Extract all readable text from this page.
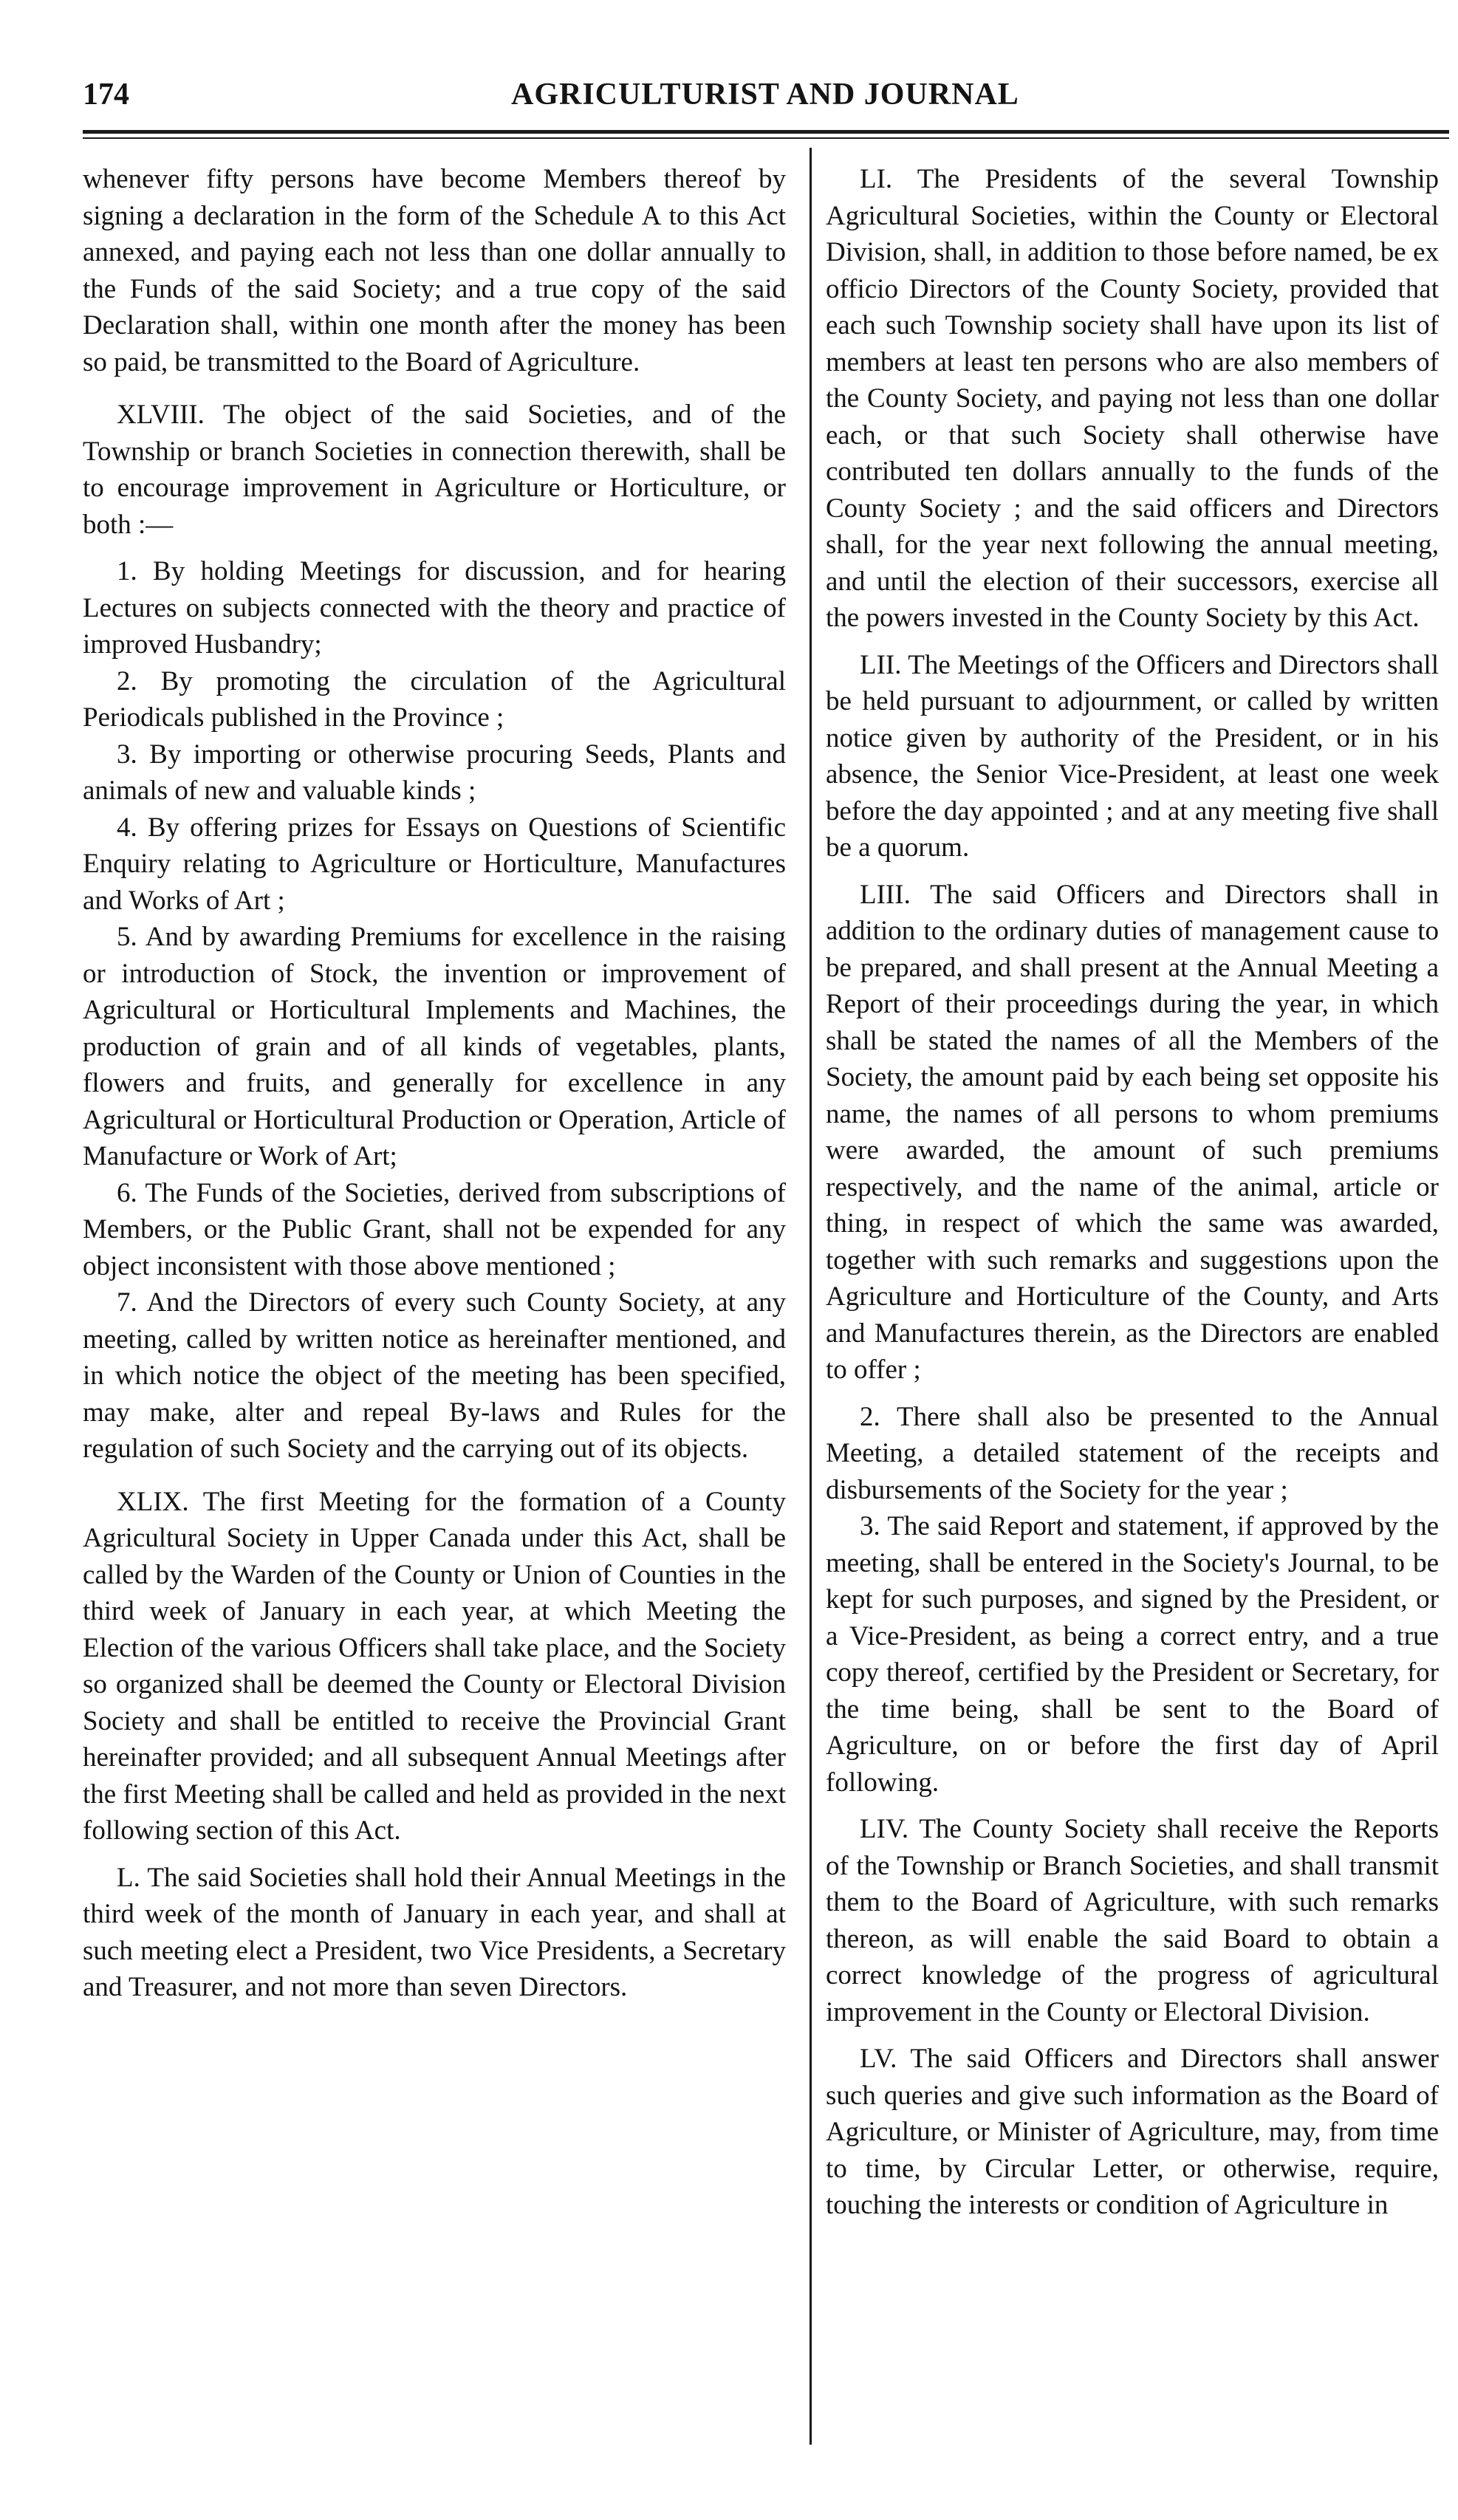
174	AGRICULTURIST AND JOURNAL

whenever fifty persons have become Members thereof by signing a declaration in the form of the Schedule A to this Act annexed, and paying each not less than one dollar annually to the Funds of the said Society; and a true copy of the said Declaration shall, within one month after the money has been so paid, be transmitted to the Board of Agriculture.

XLVIII. The object of the said Societies, and of the Township or branch Societies in connection therewith, shall be to encourage improvement in Agriculture or Horticulture, or both :—

1. By holding Meetings for discussion, and for hearing Lectures on subjects connected with the theory and practice of improved Husbandry;

2. By promoting the circulation of the Agricultural Periodicals published in the Province ;

3. By importing or otherwise procuring Seeds, Plants and animals of new and valuable kinds ;

4. By offering prizes for Essays on Questions of Scientific Enquiry relating to Agriculture or Horticulture, Manufactures and Works of Art ;

5. And by awarding Premiums for excellence in the raising or introduction of Stock, the invention or improvement of Agricultural or Horticultural Implements and Machines, the production of grain and of all kinds of vegetables, plants, flowers and fruits, and generally for excellence in any Agricultural or Horticultural Production or Operation, Article of Manufacture or Work of Art;

6. The Funds of the Societies, derived from subscriptions of Members, or the Public Grant, shall not be expended for any object inconsistent with those above mentioned ;

7. And the Directors of every such County Society, at any meeting, called by written notice as hereinafter mentioned, and in which notice the object of the meeting has been specified, may make, alter and repeal By-laws and Rules for the regulation of such Society and the carrying out of its objects.

XLIX. The first Meeting for the formation of a County Agricultural Society in Upper Canada under this Act, shall be called by the Warden of the County or Union of Counties in the third week of January in each year, at which Meeting the Election of the various Officers shall take place, and the Society so organized shall be deemed the County or Electoral Division Society and shall be entitled to receive the Provincial Grant hereinafter provided; and all subsequent Annual Meetings after the first Meeting shall be called and held as provided in the next following section of this Act.

L. The said Societies shall hold their Annual Meetings in the third week of the month of January in each year, and shall at such meeting elect a President, two Vice Presidents, a Secretary and Treasurer, and not more than seven Directors.

LI. The Presidents of the several Township Agricultural Societies, within the County or Electoral Division, shall, in addition to those before named, be ex officio Directors of the County Society, provided that each such Township society shall have upon its list of members at least ten persons who are also members of the County Society, and paying not less than one dollar each, or that such Society shall otherwise have contributed ten dollars annually to the funds of the County Society ; and the said officers and Directors shall, for the year next following the annual meeting, and until the election of their successors, exercise all the powers invested in the County Society by this Act.

LII. The Meetings of the Officers and Directors shall be held pursuant to adjournment, or called by written notice given by authority of the President, or in his absence, the Senior Vice-President, at least one week before the day appointed ; and at any meeting five shall be a quorum.

LIII. The said Officers and Directors shall in addition to the ordinary duties of management cause to be prepared, and shall present at the Annual Meeting a Report of their proceedings during the year, in which shall be stated the names of all the Members of the Society, the amount paid by each being set opposite his name, the names of all persons to whom premiums were awarded, the amount of such premiums respectively, and the name of the animal, article or thing, in respect of which the same was awarded, together with such remarks and suggestions upon the Agriculture and Horticulture of the County, and Arts and Manufactures therein, as the Directors are enabled to offer ;

2. There shall also be presented to the Annual Meeting, a detailed statement of the receipts and disbursements of the Society for the year ;

3. The said Report and statement, if approved by the meeting, shall be entered in the Society's Journal, to be kept for such purposes, and signed by the President, or a Vice-President, as being a correct entry, and a true copy thereof, certified by the President or Secretary, for the time being, shall be sent to the Board of Agriculture, on or before the first day of April following.

LIV. The County Society shall receive the Reports of the Township or Branch Societies, and shall transmit them to the Board of Agriculture, with such remarks thereon, as will enable the said Board to obtain a correct knowledge of the progress of agricultural improvement in the County or Electoral Division.

LV. The said Officers and Directors shall answer such queries and give such information as the Board of Agriculture, or Minister of Agriculture, may, from time to time, by Circular Letter, or otherwise, require, touching the interests or condition of Agriculture in
